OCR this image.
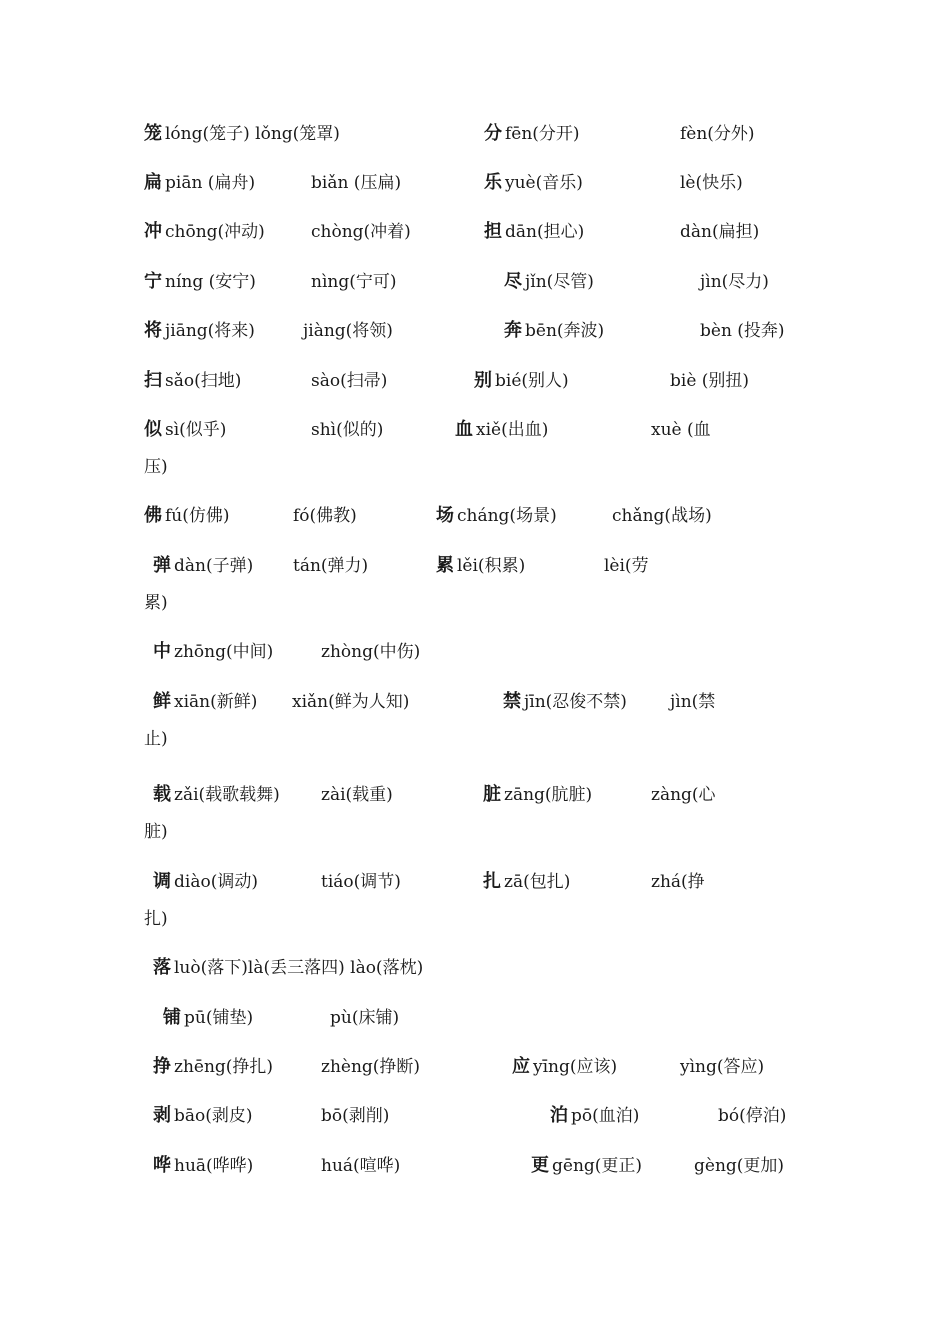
笼 lóng(笼子) lǒng(笼罩)	分 fēn(分开)	fèn(分外)
扁 piān (扁舟)	biǎn (压扁)	乐 yuè(音乐)	lè(快乐)
冲 chōng(冲动)	chòng(冲着)	担 dān(担心)	dàn(扁担)
宁 níng (安宁)	nìng(宁可)	尽 jǐn(尽管)	jìn(尽力)
将 jiāng(将来)	jiàng(将领)	奔 bēn(奔波)	bèn (投奔)
扫 sǎo(扫地)	sào(扫帚)	别 bié(别人)	biè (别扭)
似 sì(似乎)	shì(似的)	血 xiě(出血)	xuè (血
压)
佛 fú(仿佛)	fó(佛教)	场 cháng(场景)	chǎng(战场)
弹 dàn(子弹) tán(弹力)	累 lěi(积累)	lèi(劳
累)
中 zhōng(中间)	zhòng(中伤)
鲜 xiān(新鲜) xiǎn(鲜为人知)	禁 jīn(忍俊不禁)	jìn(禁
止)
载 zǎi(载歌载舞) zài(载重)	脏 zāng(肮脏)	zàng(心
脏)
调 diào(调动)	tiáo(调节)	扎 zā(包扎)	zhá(挣
扎)
落 luò(落下)là(丢三落四) lào(落枕)
铺 pū(铺垫)	pù(床铺)
挣 zhēng(挣扎)	zhèng(挣断)	应 yīng(应该)	yìng(答应)
剥 bāo(剥皮)	bō(剥削)	泊 pō(血泊)	bó(停泊)
哗 huā(哗哗)	huá(喧哗)	更 gēng(更正)	gèng(更加)
